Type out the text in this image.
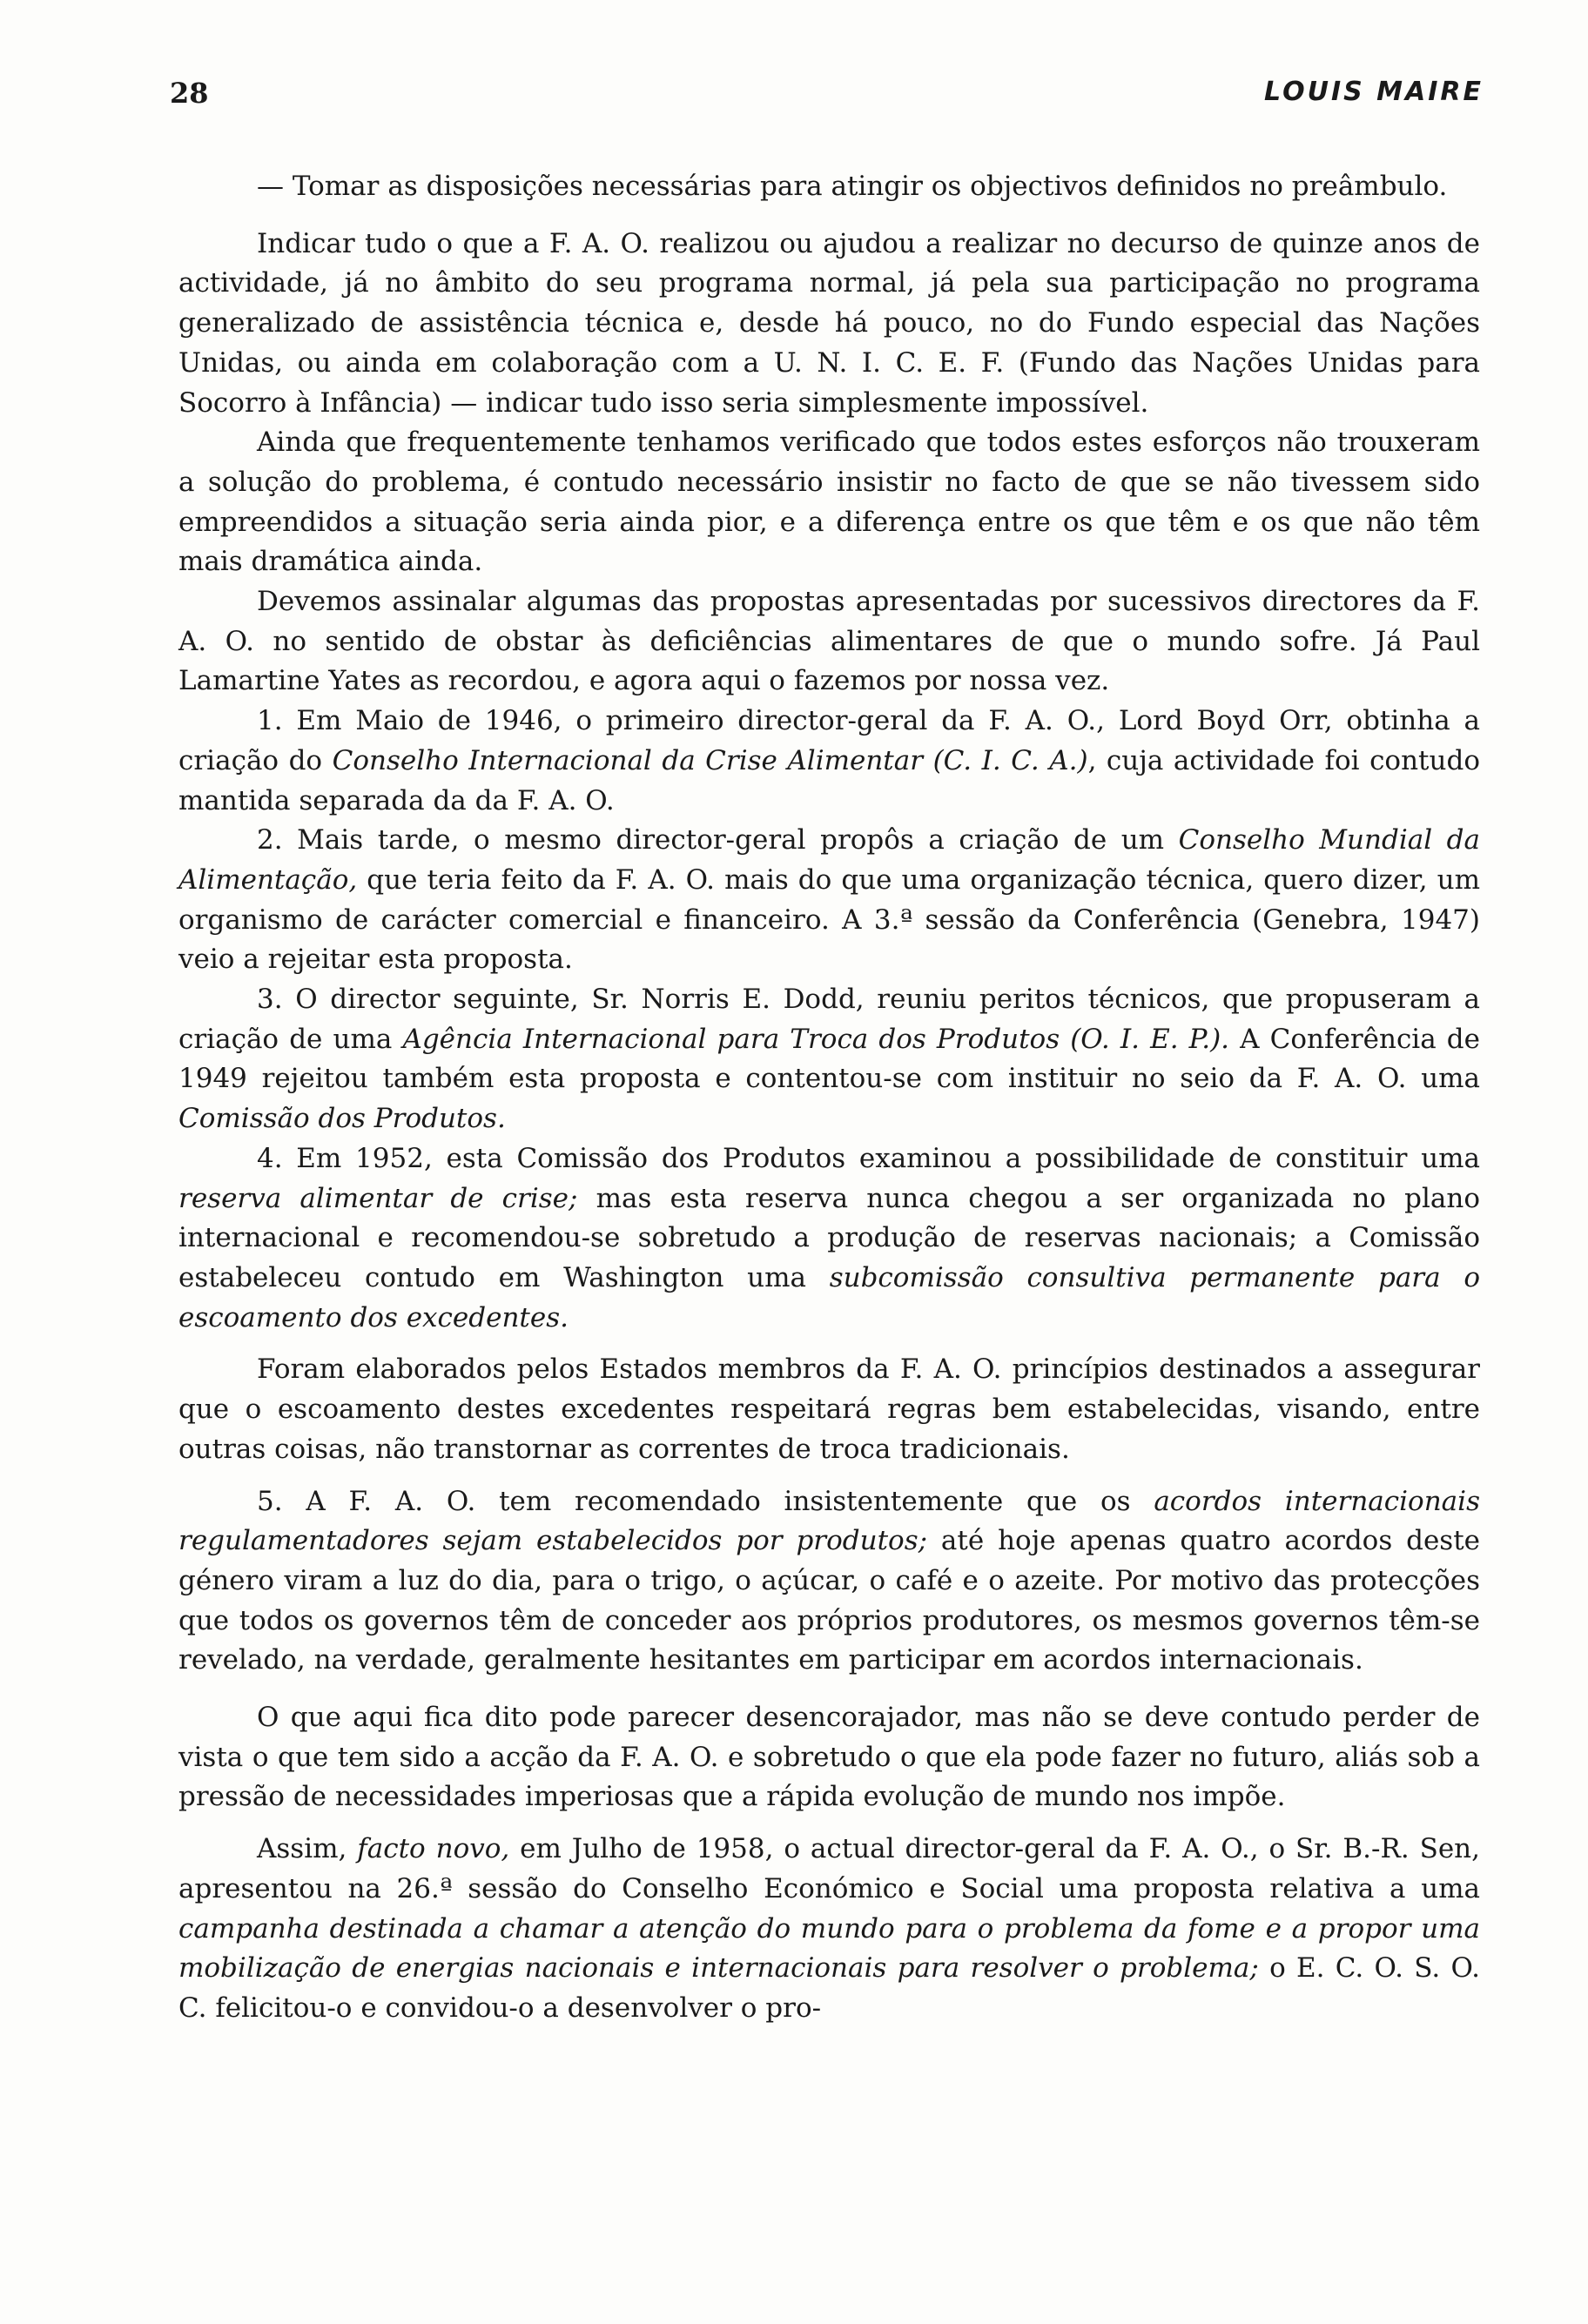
28	LOUIS MAIRE

— Tomar as disposições necessárias para atingir os objectivos definidos no preâmbulo.

Indicar tudo o que a F. A. O. realizou ou ajudou a realizar no decurso de quinze anos de actividade, já no âmbito do seu programa normal, já pela sua participação no programa generalizado de assistência técnica e, desde há pouco, no do Fundo especial das Nações Unidas, ou ainda em colaboração com a U. N. I. C. E. F. (Fundo das Nações Unidas para Socorro à Infância) — indicar tudo isso seria simplesmente impossível.

Ainda que frequentemente tenhamos verificado que todos estes esforços não trouxeram a solução do problema, é contudo necessário insistir no facto de que se não tivessem sido empreendidos a situação seria ainda pior, e a diferença entre os que têm e os que não têm mais dramática ainda.

Devemos assinalar algumas das propostas apresentadas por sucessivos directores da F. A. O. no sentido de obstar às deficiências alimentares de que o mundo sofre. Já Paul Lamartine Yates as recordou, e agora aqui o fazemos por nossa vez.

1. Em Maio de 1946, o primeiro director-geral da F. A. O., Lord Boyd Orr, obtinha a criação do Conselho Internacional da Crise Alimentar (C. I. C. A.), cuja actividade foi contudo mantida separada da da F. A. O.

2. Mais tarde, o mesmo director-geral propôs a criação de um Conselho Mundial da Alimentação, que teria feito da F. A. O. mais do que uma organização técnica, quero dizer, um organismo de carácter comercial e financeiro. A 3.ª sessão da Conferência (Genebra, 1947) veio a rejeitar esta proposta.

3. O director seguinte, Sr. Norris E. Dodd, reuniu peritos técnicos, que propuseram a criação de uma Agência Internacional para Troca dos Produtos (O. I. E. P.). A Conferência de 1949 rejeitou também esta proposta e contentou-se com instituir no seio da F. A. O. uma Comissão dos Produtos.

4. Em 1952, esta Comissão dos Produtos examinou a possibilidade de constituir uma reserva alimentar de crise; mas esta reserva nunca chegou a ser organizada no plano internacional e recomendou-se sobretudo a produção de reservas nacionais; a Comissão estabeleceu contudo em Washington uma subcomissão consultiva permanente para o escoamento dos excedentes.

Foram elaborados pelos Estados membros da F. A. O. princípios destinados a assegurar que o escoamento destes excedentes respeitará regras bem estabelecidas, visando, entre outras coisas, não transtornar as correntes de troca tradicionais.

5. A F. A. O. tem recomendado insistentemente que os acordos internacionais regulamentadores sejam estabelecidos por produtos; até hoje apenas quatro acordos deste género viram a luz do dia, para o trigo, o açúcar, o café e o azeite. Por motivo das protecções que todos os governos têm de conceder aos próprios produtores, os mesmos governos têm-se revelado, na verdade, geralmente hesitantes em participar em acordos internacionais.

O que aqui fica dito pode parecer desencorajador, mas não se deve contudo perder de vista o que tem sido a acção da F. A. O. e sobretudo o que ela pode fazer no futuro, aliás sob a pressão de necessidades imperiosas que a rápida evolução de mundo nos impõe.

Assim, facto novo, em Julho de 1958, o actual director-geral da F. A. O., o Sr. B.-R. Sen, apresentou na 26.ª sessão do Conselho Económico e Social uma proposta relativa a uma campanha destinada a chamar a atenção do mundo para o problema da fome e a propor uma mobilização de energias nacionais e internacionais para resolver o problema; o E. C. O. S. O. C. felicitou-o e convidou-o a desenvolver o pro-
